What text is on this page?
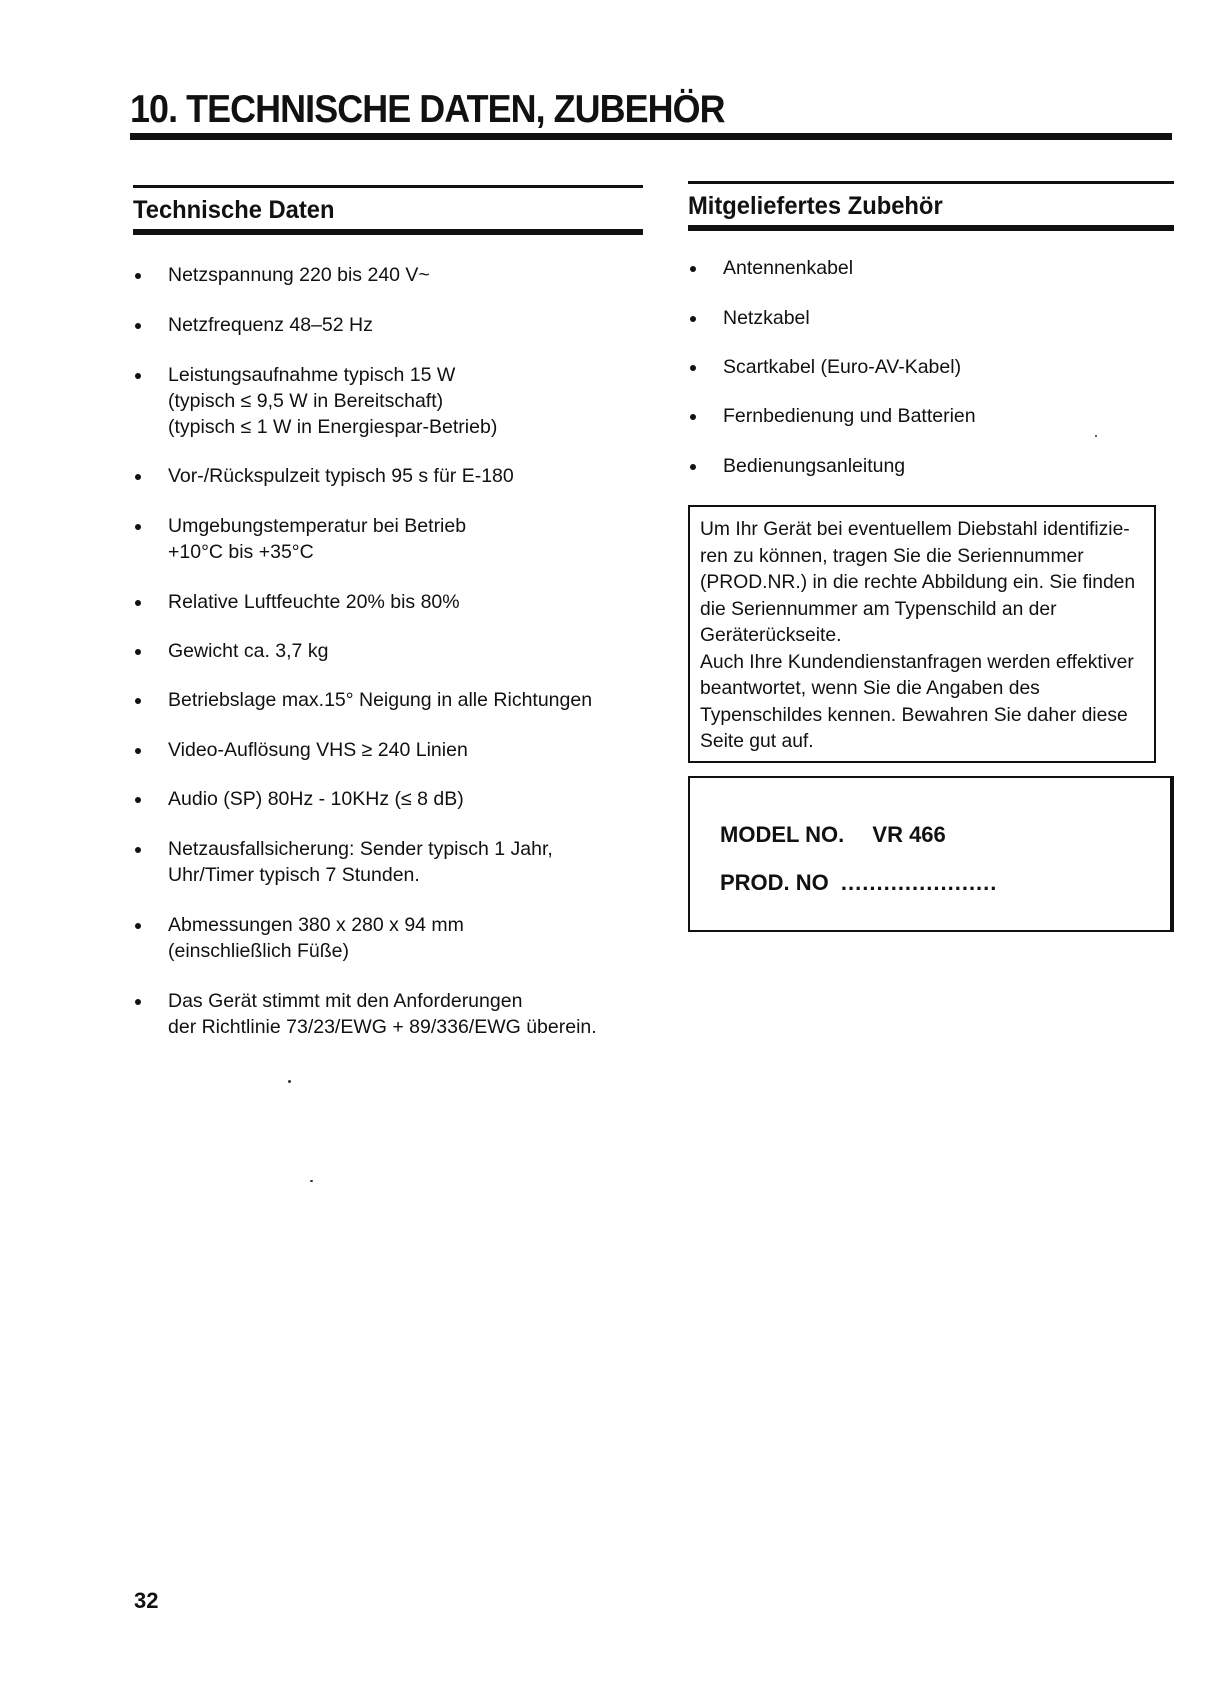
10. TECHNISCHE DATEN, ZUBEHÖR
Technische Daten
Netzspannung 220 bis 240 V~
Netzfrequenz 48–52 Hz
Leistungsaufnahme typisch 15 W
(typisch ≤ 9,5 W in Bereitschaft)
(typisch ≤ 1 W in Energiespar-Betrieb)
Vor-/Rückspulzeit typisch 95 s für E-180
Umgebungstemperatur bei Betrieb
+10°C bis +35°C
Relative Luftfeuchte 20% bis 80%
Gewicht ca. 3,7 kg
Betriebslage max.15° Neigung in alle Richtungen
Video-Auflösung VHS ≥ 240 Linien
Audio (SP) 80Hz - 10KHz (≤ 8 dB)
Netzausfallsicherung: Sender typisch 1 Jahr,
Uhr/Timer typisch 7 Stunden.
Abmessungen 380 x 280 x 94 mm
(einschließlich Füße)
Das Gerät stimmt mit den Anforderungen
der Richtlinie 73/23/EWG + 89/336/EWG überein.
Mitgeliefertes Zubehör
Antennenkabel
Netzkabel
Scartkabel (Euro-AV-Kabel)
Fernbedienung und Batterien
Bedienungsanleitung

Um Ihr Gerät bei eventuellem Diebstahl identifizie-

ren zu können, tragen Sie die Seriennummer

(PROD.NR.) in die rechte Abbildung ein. Sie finden

die Seriennummer am Typenschild an der

Geräterückseite.

Auch Ihre Kundendienstanfragen werden effektiver

beantwortet, wenn Sie die Angaben des

Typenschildes kennen. Bewahren Sie daher diese

Seite gut auf.

MODEL NO. VR 466
PROD. NO ......................
32
